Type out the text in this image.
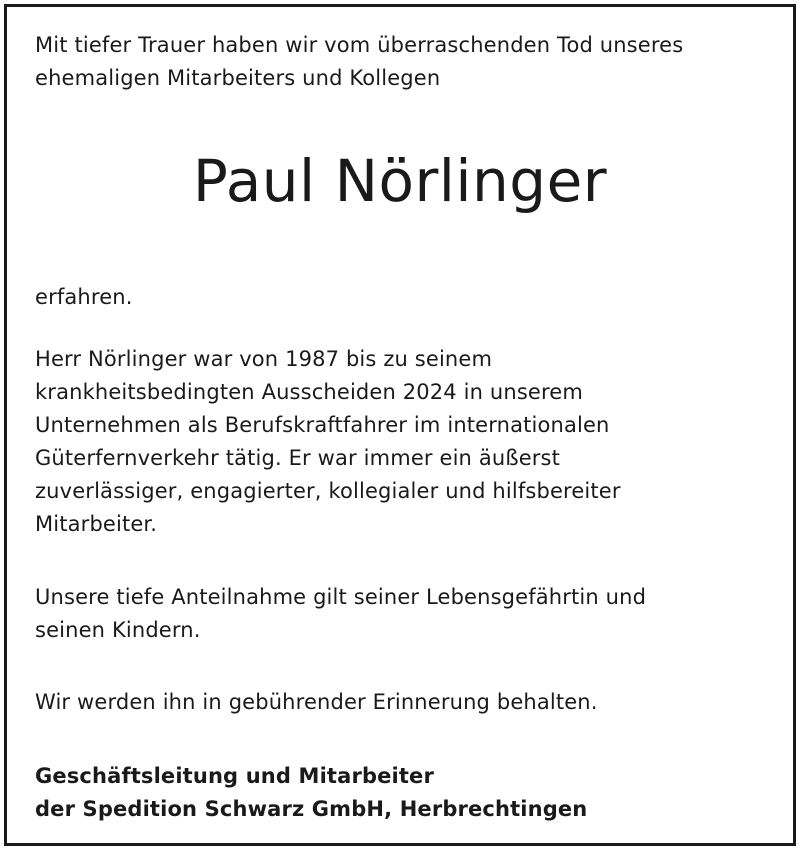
Mit tiefer Trauer haben wir vom überraschenden Tod unseres

ehemaligen Mitarbeiters und Kollegen

Paul Nörlinger

erfahren.

Herr Nörlinger war von 1987 bis zu seinem

krankheitsbedingten Ausscheiden 2024 in unserem

Unternehmen als Berufskraftfahrer im internationalen

Güterfernverkehr tätig. Er war immer ein äußerst

zuverlässiger, engagierter, kollegialer und hilfsbereiter

Mitarbeiter.

Unsere tiefe Anteilnahme gilt seiner Lebensgefährtin und

seinen Kindern.

Wir werden ihn in gebührender Erinnerung behalten.

Geschäftsleitung und Mitarbeiter

der Spedition Schwarz GmbH, Herbrechtingen
